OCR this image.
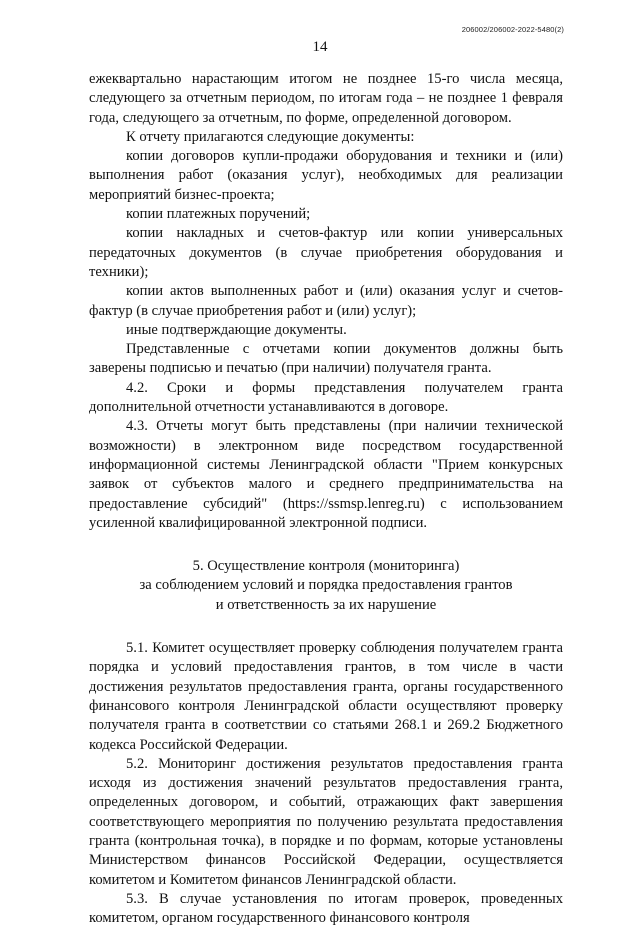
206002/206002-2022-5480(2)
14

ежеквартально нарастающим итогом не позднее 15-го числа месяца, следующего за отчетным периодом, по итогам года – не позднее 1 февраля года, следующего за отчетным, по форме, определенной договором.

К отчету прилагаются следующие документы:

копии договоров купли-продажи оборудования и техники и (или) выполнения работ (оказания услуг), необходимых для реализации мероприятий бизнес-проекта;

копии платежных поручений;

копии накладных и счетов-фактур или копии универсальных передаточных документов (в случае приобретения оборудования и техники);

копии актов выполненных работ и (или) оказания услуг и счетов-фактур (в случае приобретения работ и (или) услуг);

иные подтверждающие документы.

Представленные с отчетами копии документов должны быть заверены подписью и печатью (при наличии) получателя гранта.

4.2. Сроки и формы представления получателем гранта дополнительной отчетности устанавливаются в договоре.

4.3. Отчеты могут быть представлены (при наличии технической возможности) в электронном виде посредством государственной информационной системы Ленинградской области "Прием конкурсных заявок от субъектов малого и среднего предпринимательства на предоставление субсидий" (https://ssmsp.lenreg.ru) с использованием усиленной квалифицированной электронной подписи.

5. Осуществление контроля (мониторинга)
за соблюдением условий и порядка предоставления грантов
и ответственность за их нарушение

5.1. Комитет осуществляет проверку соблюдения получателем гранта порядка и условий предоставления грантов, в том числе в части достижения результатов предоставления гранта, органы государственного финансового контроля Ленинградской области осуществляют проверку получателя гранта в соответствии со статьями 268.1 и 269.2 Бюджетного кодекса Российской Федерации.

5.2. Мониторинг достижения результатов предоставления гранта исходя из достижения значений результатов предоставления гранта, определенных договором, и событий, отражающих факт завершения соответствующего мероприятия по получению результата предоставления гранта (контрольная точка), в порядке и по формам, которые установлены Министерством финансов Российской Федерации, осуществляется комитетом и Комитетом финансов Ленинградской области.

5.3. В случае установления по итогам проверок, проведенных комитетом, органом государственного финансового контроля
